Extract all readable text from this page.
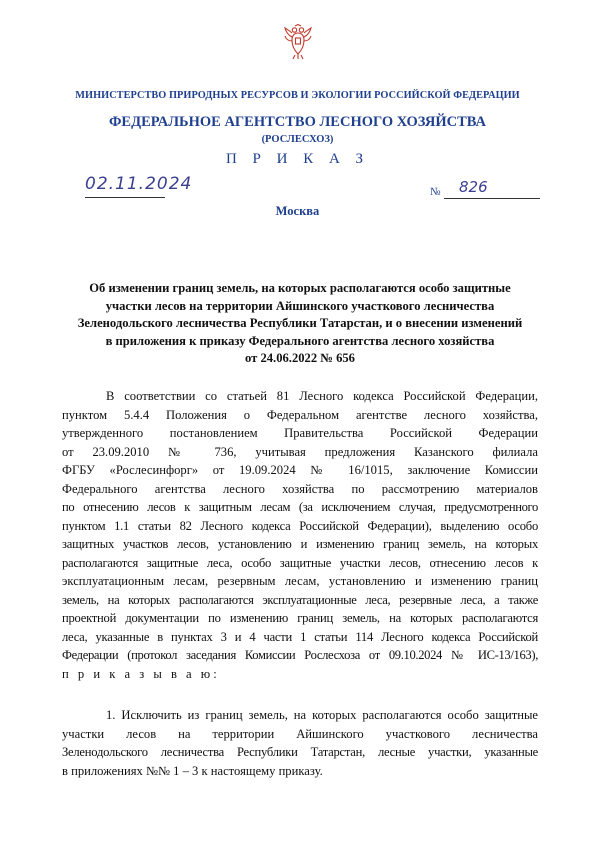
МИНИСТЕРСТВО ПРИРОДНЫХ РЕСУРСОВ И ЭКОЛОГИИ РОССИЙСКОЙ ФЕДЕРАЦИИ
ФЕДЕРАЛЬНОЕ АГЕНТСТВО ЛЕСНОГО ХОЗЯЙСТВА
(РОСЛЕСХОЗ)
П Р И К А З
02.11.2024	№ 826
Москва
Об изменении границ земель, на которых располагаются особо защитные
участки лесов на территории Айшинского участкового лесничества
Зеленодольского лесничества Республики Татарстан, и о внесении изменений
в приложения к приказу Федерального агентства лесного хозяйства
от 24.06.2022 № 656
В соответствии со статьей 81 Лесного кодекса Российской Федерации,
пунктом 5.4.4 Положения о Федеральном агентстве лесного хозяйства,
утвержденного постановлением Правительства Российской Федерации
от 23.09.2010 № 736, учитывая предложения Казанского филиала
ФГБУ «Рослесинфорг» от 19.09.2024 № 16/1015, заключение Комиссии
Федерального агентства лесного хозяйства по рассмотрению материалов
по отнесению лесов к защитным лесам (за исключением случая, предусмотренного
пунктом 1.1 статьи 82 Лесного кодекса Российской Федерации), выделению особо
защитных участков лесов, установлению и изменению границ земель, на которых
располагаются защитные леса, особо защитные участки лесов, отнесению лесов к
эксплуатационным лесам, резервным лесам, установлению и изменению границ
земель, на которых располагаются эксплуатационные леса, резервные леса, а также
проектной документации по изменению границ земель, на которых располагаются
леса, указанные в пунктах 3 и 4 части 1 статьи 114 Лесного кодекса Российской
Федерации (протокол заседания Комиссии Рослесхоза от 09.10.2024 № ИС-13/163),
п р и к а з ы в а ю:
1. Исключить из границ земель, на которых располагаются особо защитные
участки лесов на территории Айшинского участкового лесничества
Зеленодольского лесничества Республики Татарстан, лесные участки, указанные
в приложениях №№ 1 – 3 к настоящему приказу.
